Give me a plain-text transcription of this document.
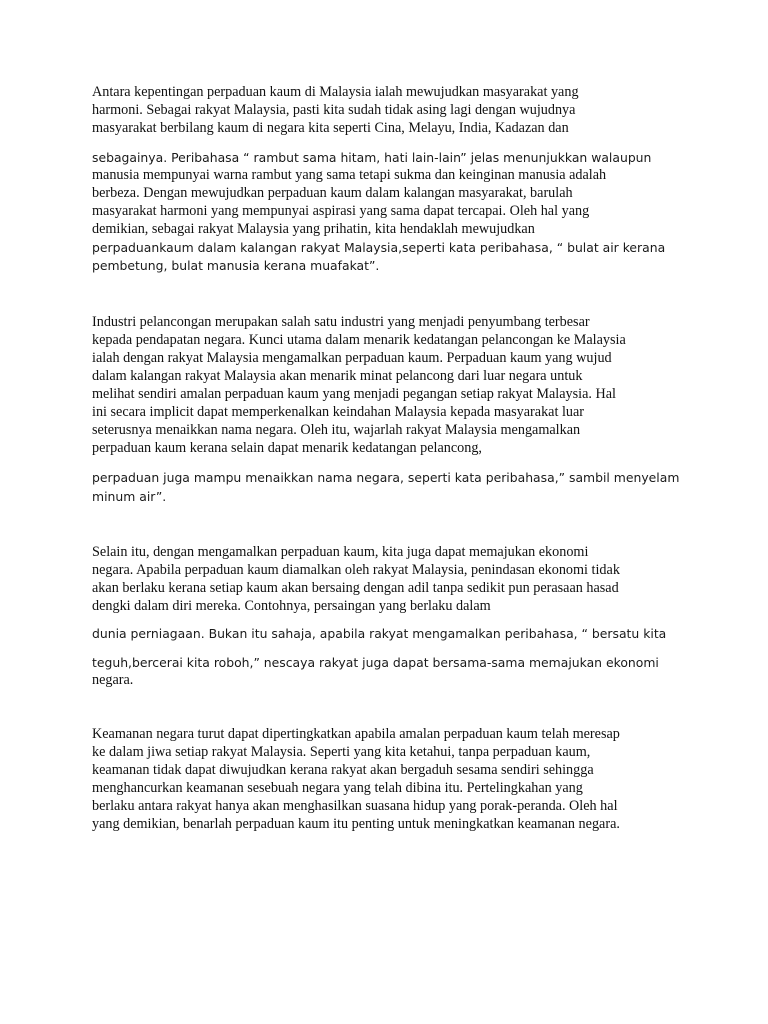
Antara kepentingan perpaduan kaum di Malaysia ialah mewujudkan masyarakat yang
harmoni. Sebagai rakyat Malaysia, pasti kita sudah tidak asing lagi dengan wujudnya
masyarakat berbilang kaum di negara kita seperti Cina, Melayu, India, Kadazan dan
sebagainya. Peribahasa “ rambut sama hitam, hati lain-lain” jelas menunjukkan walaupun
manusia mempunyai warna rambut yang sama tetapi sukma dan keinginan manusia adalah
berbeza. Dengan mewujudkan perpaduan kaum dalam kalangan masyarakat, barulah
masyarakat harmoni yang mempunyai aspirasi yang sama dapat tercapai. Oleh hal yang
demikian, sebagai rakyat Malaysia yang prihatin, kita hendaklah mewujudkan
perpaduankaum dalam kalangan rakyat Malaysia,seperti kata peribahasa, “ bulat air kerana
pembetung, bulat manusia kerana muafakat”.
Industri pelancongan merupakan salah satu industri yang menjadi penyumbang terbesar
kepada pendapatan negara. Kunci utama dalam menarik kedatangan pelancongan ke Malaysia
ialah dengan rakyat Malaysia mengamalkan perpaduan kaum. Perpaduan kaum yang wujud
dalam kalangan rakyat Malaysia akan menarik minat pelancong dari luar negara untuk
melihat sendiri amalan perpaduan kaum yang menjadi pegangan setiap rakyat Malaysia. Hal
ini secara implicit dapat memperkenalkan keindahan Malaysia kepada masyarakat luar
seterusnya menaikkan nama negara. Oleh itu, wajarlah rakyat Malaysia mengamalkan
perpaduan kaum kerana selain dapat menarik kedatangan pelancong,
perpaduan juga mampu menaikkan nama negara, seperti kata peribahasa,” sambil menyelam
minum air”.
Selain itu, dengan mengamalkan perpaduan kaum, kita juga dapat memajukan ekonomi
negara. Apabila perpaduan kaum diamalkan oleh rakyat Malaysia, penindasan ekonomi tidak
akan berlaku kerana setiap kaum akan bersaing dengan adil tanpa sedikit pun perasaan hasad
dengki dalam diri mereka. Contohnya, persaingan yang berlaku dalam
dunia perniagaan. Bukan itu sahaja, apabila rakyat mengamalkan peribahasa, “ bersatu kita
teguh,bercerai kita roboh,” nescaya rakyat juga dapat bersama-sama memajukan ekonomi
negara.
Keamanan negara turut dapat dipertingkatkan apabila amalan perpaduan kaum telah meresap
ke dalam jiwa setiap rakyat Malaysia. Seperti yang kita ketahui, tanpa perpaduan kaum,
keamanan tidak dapat diwujudkan kerana rakyat akan bergaduh sesama sendiri sehingga
menghancurkan keamanan sesebuah negara yang telah dibina itu. Pertelingkahan yang
berlaku antara rakyat hanya akan menghasilkan suasana hidup yang porak-peranda. Oleh hal
yang demikian, benarlah perpaduan kaum itu penting untuk meningkatkan keamanan negara.
